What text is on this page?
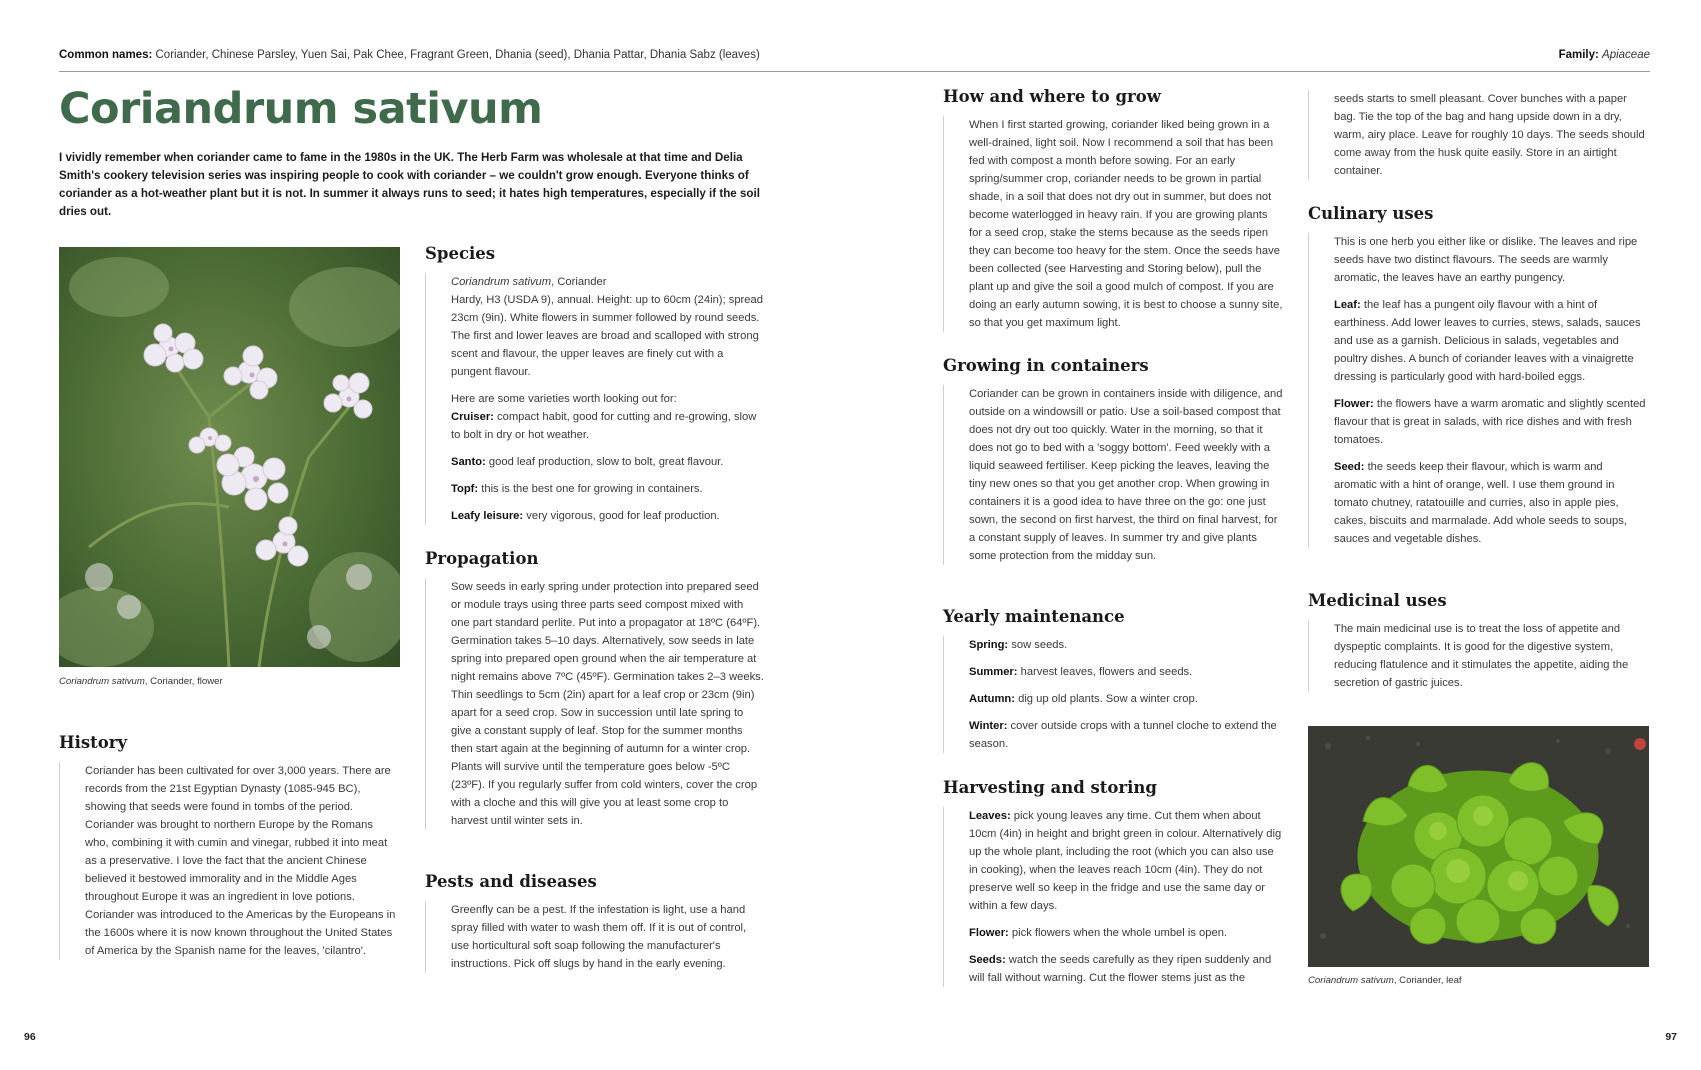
Common names: Coriander, Chinese Parsley, Yuen Sai, Pak Chee, Fragrant Green, Dhania (seed), Dhania Pattar, Dhania Sabz (leaves)	Family: Apiaceae
Coriandrum sativum

I vividly remember when coriander came to fame in the 1980s in the UK. The Herb Farm was wholesale at that time and Delia Smith's cookery television series was inspiring people to cook with coriander – we couldn't grow enough. Everyone thinks of coriander as a hot-weather plant but it is not. In summer it always runs to seed; it hates high temperatures, especially if the soil dries out.

Coriandrum sativum, Coriander, flower
History

Coriander has been cultivated for over 3,000 years. There are records from the 21st Egyptian Dynasty (1085-945 BC), showing that seeds were found in tombs of the period. Coriander was brought to northern Europe by the Romans who, combining it with cumin and vinegar, rubbed it into meat as a preservative. I love the fact that the ancient Chinese believed it bestowed immorality and in the Middle Ages throughout Europe it was an ingredient in love potions. Coriander was introduced to the Americas by the Europeans in the 1600s where it is now known throughout the United States of America by the Spanish name for the leaves, 'cilantro'.

Species

Coriandrum sativum, Coriander
Hardy, H3 (USDA 9), annual. Height: up to 60cm (24in); spread 23cm (9in). White flowers in summer followed by round seeds. The first and lower leaves are broad and scalloped with strong scent and flavour, the upper leaves are finely cut with a pungent flavour.

Here are some varieties worth looking out for:
Cruiser: compact habit, good for cutting and re-growing, slow to bolt in dry or hot weather.

Santo: good leaf production, slow to bolt, great flavour.

Topf: this is the best one for growing in containers.

Leafy leisure: very vigorous, good for leaf production.

Propagation

Sow seeds in early spring under protection into prepared seed or module trays using three parts seed compost mixed with one part standard perlite. Put into a propagator at 18ºC (64ºF). Germination takes 5–10 days. Alternatively, sow seeds in late spring into prepared open ground when the air temperature at night remains above 7ºC (45ºF). Germination takes 2–3 weeks. Thin seedlings to 5cm (2in) apart for a leaf crop or 23cm (9in) apart for a seed crop. Sow in succession until late spring to give a constant supply of leaf. Stop for the summer months then start again at the beginning of autumn for a winter crop. Plants will survive until the temperature goes below -5ºC (23ºF). If you regularly suffer from cold winters, cover the crop with a cloche and this will give you at least some crop to harvest until winter sets in.

Pests and diseases

Greenfly can be a pest. If the infestation is light, use a hand spray filled with water to wash them off. If it is out of control, use horticultural soft soap following the manufacturer's instructions. Pick off slugs by hand in the early evening.

How and where to grow

When I first started growing, coriander liked being grown in a well-drained, light soil. Now I recommend a soil that has been fed with compost a month before sowing. For an early spring/summer crop, coriander needs to be grown in partial shade, in a soil that does not dry out in summer, but does not become waterlogged in heavy rain. If you are growing plants for a seed crop, stake the stems because as the seeds ripen they can become too heavy for the stem. Once the seeds have been collected (see Harvesting and Storing below), pull the plant up and give the soil a good mulch of compost. If you are doing an early autumn sowing, it is best to choose a sunny site, so that you get maximum light.

Growing in containers

Coriander can be grown in containers inside with diligence, and outside on a windowsill or patio. Use a soil-based compost that does not dry out too quickly. Water in the morning, so that it does not go to bed with a 'soggy bottom'. Feed weekly with a liquid seaweed fertiliser. Keep picking the leaves, leaving the tiny new ones so that you get another crop. When growing in containers it is a good idea to have three on the go: one just sown, the second on first harvest, the third on final harvest, for a constant supply of leaves. In summer try and give plants some protection from the midday sun.

Yearly maintenance

Spring: sow seeds.

Summer: harvest leaves, flowers and seeds.

Autumn: dig up old plants. Sow a winter crop.

Winter: cover outside crops with a tunnel cloche to extend the season.

Harvesting and storing

Leaves: pick young leaves any time. Cut them when about 10cm (4in) in height and bright green in colour. Alternatively dig up the whole plant, including the root (which you can also use in cooking), when the leaves reach 10cm (4in). They do not preserve well so keep in the fridge and use the same day or within a few days.

Flower: pick flowers when the whole umbel is open.

Seeds: watch the seeds carefully as they ripen suddenly and will fall without warning. Cut the flower stems just as the

seeds starts to smell pleasant. Cover bunches with a paper bag. Tie the top of the bag and hang upside down in a dry, warm, airy place. Leave for roughly 10 days. The seeds should come away from the husk quite easily. Store in an airtight container.

Culinary uses

This is one herb you either like or dislike. The leaves and ripe seeds have two distinct flavours. The seeds are warmly aromatic, the leaves have an earthy pungency.

Leaf: the leaf has a pungent oily flavour with a hint of earthiness. Add lower leaves to curries, stews, salads, sauces and use as a garnish. Delicious in salads, vegetables and poultry dishes. A bunch of coriander leaves with a vinaigrette dressing is particularly good with hard-boiled eggs.

Flower: the flowers have a warm aromatic and slightly scented flavour that is great in salads, with rice dishes and with fresh tomatoes.

Seed: the seeds keep their flavour, which is warm and aromatic with a hint of orange, well. I use them ground in tomato chutney, ratatouille and curries, also in apple pies, cakes, biscuits and marmalade. Add whole seeds to soups, sauces and vegetable dishes.

Medicinal uses

The main medicinal use is to treat the loss of appetite and dyspeptic complaints. It is good for the digestive system, reducing flatulence and it stimulates the appetite, aiding the secretion of gastric juices.

Coriandrum sativum, Coriander, leaf
96	97
